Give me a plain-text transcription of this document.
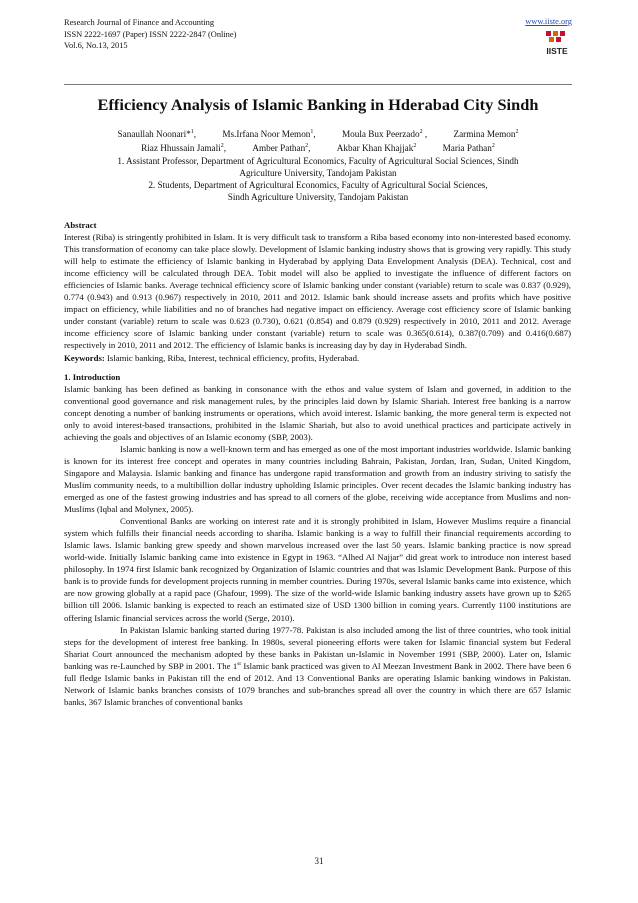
Research Journal of Finance and Accounting
ISSN 2222-1697 (Paper) ISSN 2222-2847 (Online)
Vol.6, No.13, 2015
www.iiste.org
IISTE
Efficiency Analysis of Islamic Banking in Hderabad City Sindh
Sanaullah Noonari*$^1$,	Ms.Irfana Noor Memon$^1$,	Moula Bux Peerzado$^2$ ,	Zarmina Memon$^2$
Riaz Hhussain Jamali$^2$,	Amber Pathan$^2$,	Akbar Khan Khajjak$^2$	Maria Pathan$^2$
1. Assistant Professor, Department of Agricultural Economics, Faculty of Agricultural Social Sciences, Sindh
Agriculture University, Tandojam Pakistan
2. Students, Department of Agricultural Economics, Faculty of Agricultural Social Sciences,
Sindh Agriculture University, Tandojam Pakistan
Abstract

Interest (Riba) is stringently prohibited in Islam. It is very difficult task to transform a Riba based economy into non-interested based economy. This transformation of economy can take place slowly. Development of Islamic banking industry shows that is growing very rapidly. This study will help to estimate the efficiency of Islamic banking in Hyderabad by applying Data Envelopment Analysis (DEA). Technical, cost and income efficiency will be calculated through DEA. Tobit model will also be applied to investigate the influence of different factors on efficiencies of Islamic banks. Average technical efficiency score of Islamic banking under constant (variable) return to scale was 0.837 (0.929), 0.774 (0.943) and 0.913 (0.967) respectively in 2010, 2011 and 2012. Islamic bank should increase assets and profits which have positive impact on efficiency, while liabilities and no of branches had negative impact on efficiency. Average cost efficiency score of Islamic banking under constant (variable) return to scale was 0.623 (0.730), 0.621 (0.854) and 0.879 (0.929) respectively in 2010, 2011 and 2012. Average income efficiency score of Islamic banking under constant (variable) return to scale was 0.365(0.614), 0.387(0.709) and 0.416(0.687) respectively in 2010, 2011 and 2012. The efficiency of Islamic banks is increasing day by day in Hyderabad Sindh.

Keywords: Islamic banking, Riba, Interest, technical efficiency, profits, Hyderabad.

1. Introduction

Islamic banking has been defined as banking in consonance with the ethos and value system of Islam and governed, in addition to the conventional good governance and risk management rules, by the principles laid down by Islamic Shariah. Interest free banking is a narrow concept denoting a number of banking instruments or operations, which avoid interest. Islamic banking, the more general term is expected not only to avoid interest-based transactions, prohibited in the Islamic Shariah, but also to avoid unethical practices and participate actively in achieving the goals and objectives of an Islamic economy (SBP, 2003).

Islamic banking is now a well-known term and has emerged as one of the most important industries worldwide. Islamic banking is known for its interest free concept and operates in many countries including Bahrain, Pakistan, Jordan, Iran, Sudan, United Kingdom, Singapore and Malaysia. Islamic banking and finance has undergone rapid transformation and growth from an industry striving to satisfy the Muslim community needs, to a multibillion dollar industry upholding Islamic principles. Over recent decades the Islamic banking industry has emerged as one of the fastest growing industries and has spread to all corners of the globe, receiving wide acceptance from Muslims and non-Muslims (Iqbal and Molynex, 2005).

Conventional Banks are working on interest rate and it is strongly prohibited in Islam, However Muslims require a financial system which fulfills their financial needs according to shariha. Islamic banking is a way to fulfill their financial requirements according to Islamic laws. Islamic banking grew speedy and shown marvelous increased over the last 50 years. Islamic banking practice is now spread world-wide. Initially Islamic banking came into existence in Egypt in 1963. “Alhed Al Najjar” did great work to introduce non interest based philosophy. In 1974 first Islamic bank recognized by Organization of Islamic countries and that was Islamic Development Bank. Purpose of this bank is to provide funds for development projects running in member countries. During 1970s, several Islamic banks came into existence, which are now growing globally at a rapid pace (Ghafour, 1999). The size of the world-wide Islamic banking industry assets have grown up to $265 billion till 2006. Islamic banking is expected to reach an estimated size of USD 1300 billion in coming years. Currently 1100 institutions are offering Islamic financial services across the world (Serge, 2010).

In Pakistan Islamic banking started during 1977-78. Pakistan is also included among the list of three countries, who took initial steps for the development of interest free banking. In 1980s, several pioneering efforts were taken for Islamic financial system but Federal Shariat Court announced the mechanism adopted by these banks in Pakistan un-Islamic in November 1991 (SBP, 2000). Later on, Islamic banking was re-Launched by SBP in 2001. The 1st Islamic bank practiced was given to Al Meezan Investment Bank in 2002. There have been 6 full fledge Islamic banks in Pakistan till the end of 2012. And 13 Conventional Banks are operating Islamic banking windows in Pakistan. Network of Islamic banks branches consists of 1079 branches and sub-branches spread all over the country in which there are 657 Islamic banks, 367 Islamic branches of conventional banks

31
